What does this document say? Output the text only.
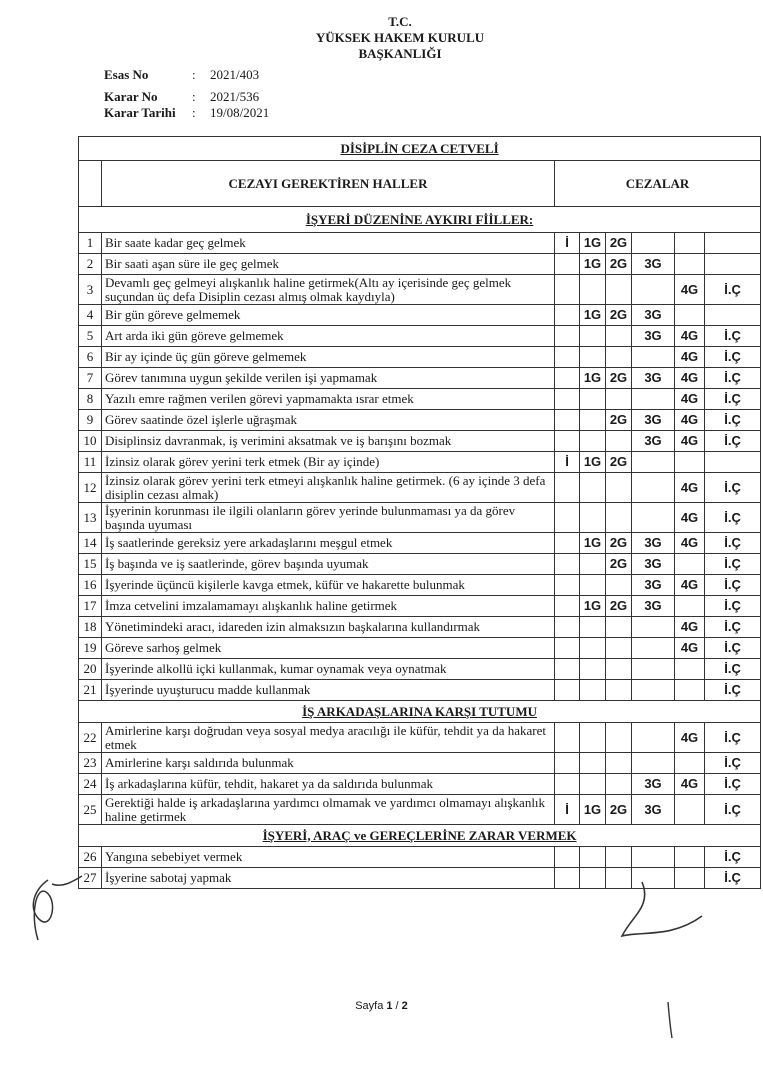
T.C.
YÜKSEK HAKEM KURULU
BAŞKANLIĞI
Esas No	: 2021/403
Karar No	: 2021/536
Karar Tarihi : 19/08/2021
DİSİPLİN CEZA CETVELİ							
	CEZAYI GEREKTİREN HALLER	CEZALAR					
İŞYERİ DÜZENİNE AYKIRI FİİLLER:							
1	Bir saate kadar geç gelmek	İ	1G	2G			
2	Bir saati aşan süre ile geç gelmek		1G	2G	3G		
3	Devamlı geç gelmeyi alışkanlık haline getirmek(Altı ay içerisinde geç gelmek suçundan üç defa Disiplin cezası almış olmak kaydıyla)					4G	İ.Ç
4	Bir gün göreve gelmemek		1G	2G	3G		
5	Art arda iki gün göreve gelmemek				3G	4G	İ.Ç
6	Bir ay içinde üç gün göreve gelmemek					4G	İ.Ç
7	Görev tanımına uygun şekilde verilen işi yapmamak		1G	2G	3G	4G	İ.Ç
8	Yazılı emre rağmen verilen görevi yapmamakta ısrar etmek					4G	İ.Ç
9	Görev saatinde özel işlerle uğraşmak			2G	3G	4G	İ.Ç
10	Disiplinsiz davranmak, iş verimini aksatmak ve iş barışını bozmak				3G	4G	İ.Ç
11	İzinsiz olarak görev yerini terk etmek (Bir ay içinde)	İ	1G	2G			
12	İzinsiz olarak görev yerini terk etmeyi alışkanlık haline getirmek. (6 ay içinde 3 defa disiplin cezası almak)					4G	İ.Ç
13	İşyerinin korunması ile ilgili olanların görev yerinde bulunmaması ya da görev başında uyuması					4G	İ.Ç
14	İş saatlerinde gereksiz yere arkadaşlarını meşgul etmek		1G	2G	3G	4G	İ.Ç
15	İş başında ve iş saatlerinde, görev başında uyumak			2G	3G		İ.Ç
16	İşyerinde üçüncü kişilerle kavga etmek, küfür ve hakarette bulunmak				3G	4G	İ.Ç
17	İmza cetvelini imzalamamayı alışkanlık haline getirmek		1G	2G	3G		İ.Ç
18	Yönetimindeki aracı, idareden izin almaksızın başkalarına kullandırmak					4G	İ.Ç
19	Göreve sarhoş gelmek					4G	İ.Ç
20	İşyerinde alkollü içki kullanmak, kumar oynamak veya oynatmak						İ.Ç
21	İşyerinde uyuşturucu madde kullanmak						İ.Ç
İŞ ARKADAŞLARINA KARŞI TUTUMU							
22	Amirlerine karşı doğrudan veya sosyal medya aracılığı ile küfür, tehdit ya da hakaret etmek					4G	İ.Ç
23	Amirlerine karşı saldırıda bulunmak						İ.Ç
24	İş arkadaşlarına küfür, tehdit, hakaret ya da saldırıda bulunmak				3G	4G	İ.Ç
25	Gerektiği halde iş arkadaşlarına yardımcı olmamak ve yardımcı olmamayı alışkanlık haline getirmek	İ	1G	2G	3G		İ.Ç
İŞYERİ, ARAÇ ve GEREÇLERİNE ZARAR VERMEK							
26	Yangına sebebiyet vermek						İ.Ç
27	İşyerine sabotaj yapmak						İ.Ç
Sayfa 1 / 2
